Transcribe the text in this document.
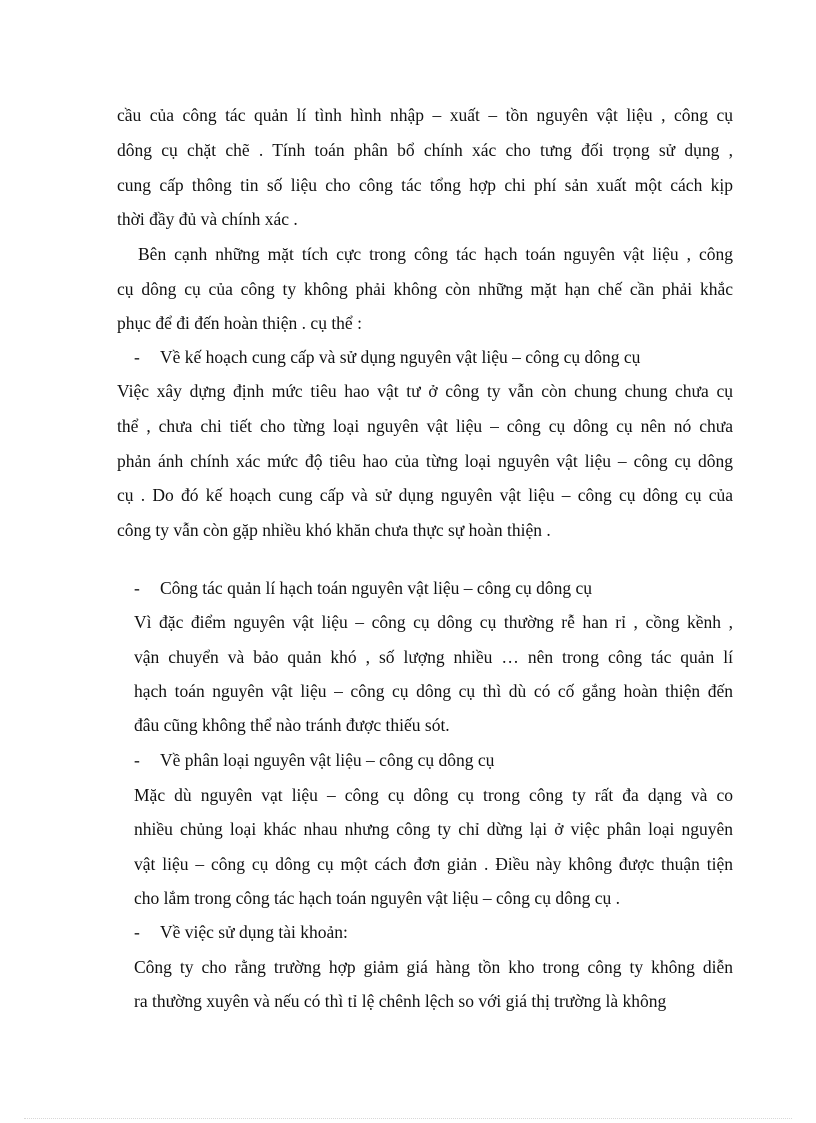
cầu của công tác quản lí tình hình nhập – xuất – tồn nguyên vật liệu , công cụ

dông cụ chặt chẽ . Tính toán phân bổ chính xác cho tưng đối trọng sử dụng ,

cung cấp thông tin số liệu cho công tác tổng hợp chi phí sản xuất một cách kịp

thời đầy đủ và chính xác .

Bên cạnh những mặt tích cực trong công tác hạch toán nguyên vật liệu , công

cụ dông cụ của công ty không phải không còn những mặt hạn chế cần phải khắc

phục để đi đến hoàn thiện . cụ thể :

- Về kế hoạch cung cấp và sử dụng nguyên vật liệu – công cụ dông cụ

Việc xây dựng định mức tiêu hao vật tư ở công ty vẫn còn chung chung chưa cụ

thể , chưa chi tiết cho từng loại nguyên vật liệu – công cụ dông cụ nên nó chưa

phản ánh chính xác mức độ tiêu hao của từng loại nguyên vật liệu – công cụ dông

cụ . Do đó kế hoạch cung cấp và sử dụng nguyên vật liệu – công cụ dông cụ của

công ty vẫn còn gặp nhiều khó khăn chưa thực sự hoàn thiện .

- Công tác quản lí hạch toán nguyên vật liệu – công cụ dông cụ

Vì đặc điểm nguyên vật liệu – công cụ dông cụ thường rễ han rỉ , cồng kềnh ,

vận chuyển và bảo quản khó , số lượng nhiều … nên trong công tác quản lí

hạch toán nguyên vật liệu – công cụ dông cụ thì dù có cố gắng hoàn thiện đến

đâu cũng không thể nào tránh được thiếu sót.

- Về phân loại nguyên vật liệu – công cụ dông cụ

Mặc dù nguyên vạt liệu – công cụ dông cụ trong công ty rất đa dạng và co

nhiều chủng loại khác nhau nhưng công ty chỉ dừng lại ở việc phân loại nguyên

vật liệu – công cụ dông cụ một cách đơn giản . Điều này không được thuận tiện

cho lắm trong công tác hạch toán nguyên vật liệu – công cụ dông cụ .

- Về việc sử dụng tài khoản:

Công ty cho rằng trường hợp giảm giá hàng tồn kho trong công ty không diễn

ra thường xuyên và nếu có thì tỉ lệ chênh lệch so với giá thị trường là không
